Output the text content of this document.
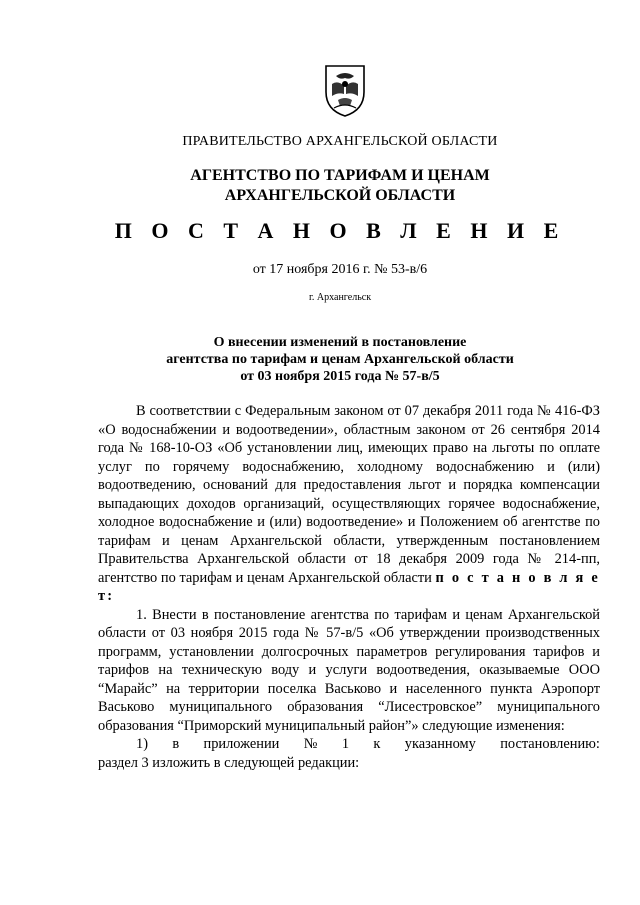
ПРАВИТЕЛЬСТВО АРХАНГЕЛЬСКОЙ ОБЛАСТИ
АГЕНТСТВО ПО ТАРИФАМ И ЦЕНАМ
АРХАНГЕЛЬСКОЙ ОБЛАСТИ
П О С Т А Н О В Л Е Н И Е
от 17 ноября 2016 г. № 53-в/6
г. Архангельск
О внесении изменений в постановление
агентства по тарифам и ценам Архангельской области
от 03 ноября 2015 года № 57-в/5

В соответствии с Федеральным законом от 07 декабря 2011 года № 416-ФЗ «О водоснабжении и водоотведении», областным законом от 26 сентября 2014 года № 168-10-ОЗ «Об установлении лиц, имеющих право на льготы по оплате услуг по горячему водоснабжению, холодному водоснабжению и (или) водоотведению, оснований для предоставления льгот и порядка компенсации выпадающих доходов организаций, осуществляющих горячее водоснабжение, холодное водоснабжение и (или) водоотведение» и Положением об агентстве по тарифам и ценам Архангельской области, утвержденным постановлением Правительства Архангельской области от 18 декабря 2009 года № 214-пп, агентство по тарифам и ценам Архангельской области п о с т а н о в л я е т:

1. Внести в постановление агентства по тарифам и ценам Архангельской области от 03 ноября 2015 года № 57-в/5 «Об утверждении производственных программ, установлении долгосрочных параметров регулирования тарифов и тарифов на техническую воду и услуги водоотведения, оказываемые ООО “Марайс” на территории поселка Васьково и населенного пункта Аэропорт Васьково муниципального образования “Лисестровское” муниципального образования “Приморский муниципальный район”» следующие изменения:

1) в приложении № 1 к указанному постановлению:
раздел 3 изложить в следующей редакции:
